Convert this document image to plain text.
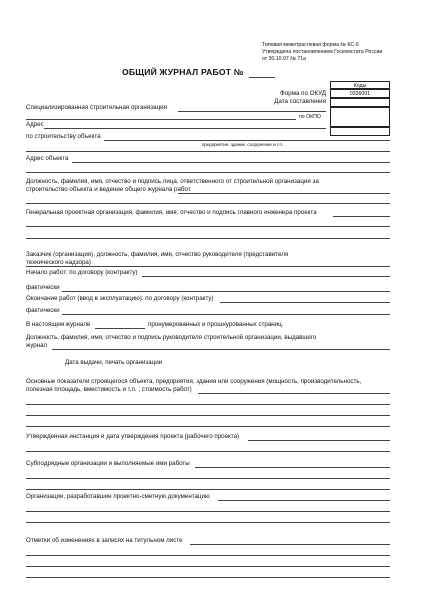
Типовая межотраслевая форма № КС-6
Утверждена постановлением Госкомстата России
от 30.10.97 № 71а
ОБЩИЙ ЖУРНАЛ РАБОТ №
Коды
Форма по ОКУД	0336001
Дата составления
Специализированная строительная организация
по ОКПО
Адрес
по строительству объекта
предприятие, здание, сооружение и т.п.
Адрес объекта
Должность, фамилия, имя, отчество и подпись лица, ответственного от строительной организации за
строительство объекта и ведение общего журнала работ
Генеральная проектная организация, фамилия, имя, отчество и подпись главного инженера проекта
Заказчик (организация), должность, фамилия, имя, отчество руководителя (представителя
технического надзора)
Начало работ: по договору (контракту)
фактически
Окончание работ (ввод в эксплуатацию): по договору (контракту)
фактически
В настоящем журнале	пронумерованных и прошнурованных страниц.
Должность, фамилия, имя, отчество и подпись руководителя строительной организации, выдавшего
журнал
Дата выдачи, печать организации
Основные показатели строящегося объекта, предприятия, здания или сооружения (мощность, производительность,
полезная площадь, вместимость и т.п. ; стоимость работ)
Утвержденная инстанция и дата утверждения проекта (рабочего проекта)
Субподрядные организации и выполняемые ими работы
Организации, разработавшие проектно-сметную документацию
Отметки об изменениях в записях на титульном листе
